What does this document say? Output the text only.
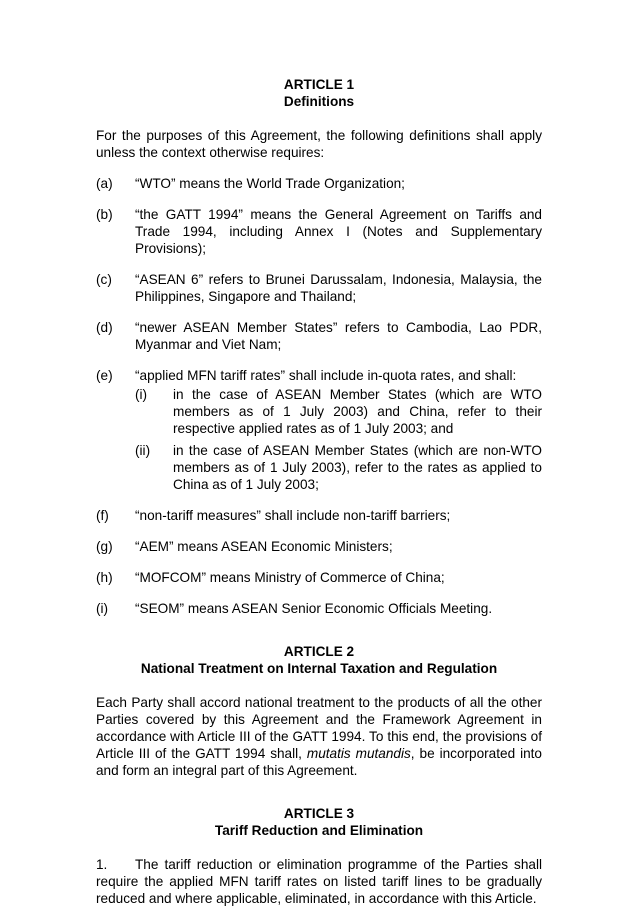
ARTICLE 1
Definitions
For the purposes of this Agreement, the following definitions shall apply unless the context otherwise requires:
(a) “WTO” means the World Trade Organization;
(b) “the GATT 1994” means the General Agreement on Tariffs and Trade 1994, including Annex I (Notes and Supplementary Provisions);
(c) “ASEAN 6” refers to Brunei Darussalam, Indonesia, Malaysia, the Philippines, Singapore and Thailand;
(d) “newer ASEAN Member States” refers to Cambodia, Lao PDR, Myanmar and Viet Nam;
(e) “applied MFN tariff rates” shall include in-quota rates, and shall:
(i) in the case of ASEAN Member States (which are WTO members as of 1 July 2003) and China, refer to their respective applied rates as of 1 July 2003; and
(ii) in the case of ASEAN Member States (which are non-WTO members as of 1 July 2003), refer to the rates as applied to China as of 1 July 2003;
(f) “non-tariff measures” shall include non-tariff barriers;
(g) “AEM” means ASEAN Economic Ministers;
(h) “MOFCOM” means Ministry of Commerce of China;
(i) “SEOM” means ASEAN Senior Economic Officials Meeting.
ARTICLE 2
National Treatment on Internal Taxation and Regulation
Each Party shall accord national treatment to the products of all the other Parties covered by this Agreement and the Framework Agreement in accordance with Article III of the GATT 1994. To this end, the provisions of Article III of the GATT 1994 shall, mutatis mutandis, be incorporated into and form an integral part of this Agreement.
ARTICLE 3
Tariff Reduction and Elimination
1. The tariff reduction or elimination programme of the Parties shall require the applied MFN tariff rates on listed tariff lines to be gradually reduced and where applicable, eliminated, in accordance with this Article.
